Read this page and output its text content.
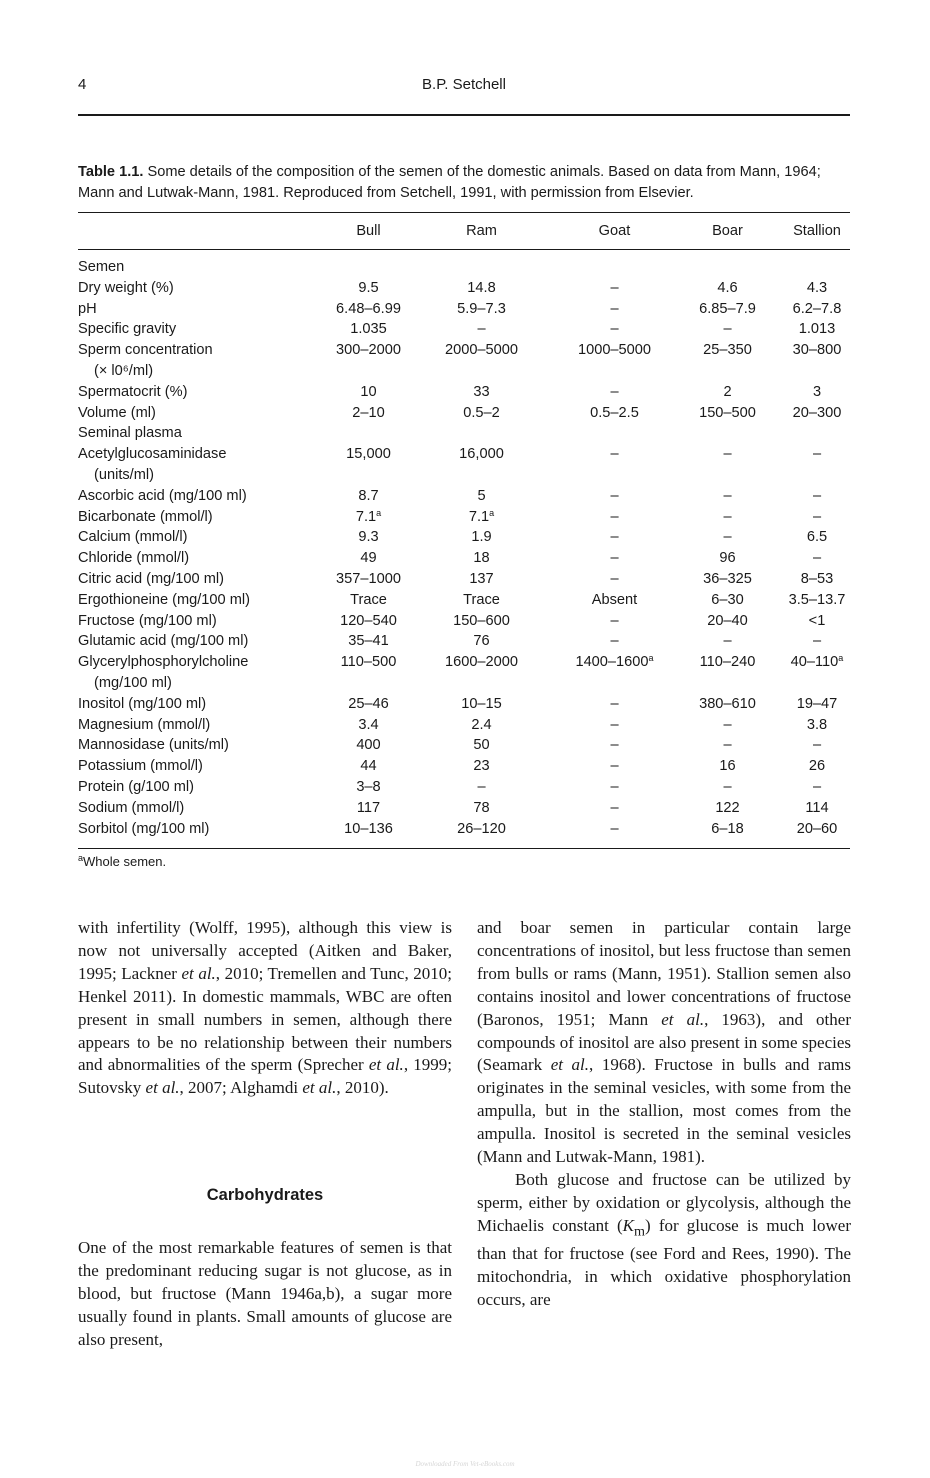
4	B.P. Setchell
Table 1.1. Some details of the composition of the semen of the domestic animals. Based on data from Mann, 1964; Mann and Lutwak-Mann, 1981. Reproduced from Setchell, 1991, with permission from Elsevier.
	Bull	Ram	Goat	Boar	Stallion
Semen					
Dry weight (%)	9.5	14.8	–	4.6	4.3
pH	6.48–6.99	5.9–7.3	–	6.85–7.9	6.2–7.8
Specific gravity	1.035	–	–	–	1.013
Sperm concentration
(× l0⁶/ml)	300–2000	2000–5000	1000–5000	25–350	30–800
Spermatocrit (%)	10	33	–	2	3
Volume (ml)	2–10	0.5–2	0.5–2.5	150–500	20–300
Seminal plasma					
Acetylglucosaminidase
(units/ml)	15,000	16,000	–	–	–
Ascorbic acid (mg/100 ml)	8.7	5	–	–	–
Bicarbonate (mmol/l)	7.1$^a$	7.1$^a$	–	–	–
Calcium (mmol/l)	9.3	1.9	–	–	6.5
Chloride (mmol/l)	49	18	–	96	–
Citric acid (mg/100 ml)	357–1000	137	–	36–325	8–53
Ergothioneine (mg/100 ml)	Trace	Trace	Absent	6–30	3.5–13.7
Fructose (mg/100 ml)	120–540	150–600	–	20–40	<1
Glutamic acid (mg/100 ml)	35–41	76	–	–	–
Glycerylphosphorylcholine
(mg/100 ml)	110–500	1600–2000	1400–1600$^a$	110–240	40–110$^a$
Inositol (mg/100 ml)	25–46	10–15	–	380–610	19–47
Magnesium (mmol/l)	3.4	2.4	–	–	3.8
Mannosidase (units/ml)	400	50	–	–	–
Potassium (mmol/l)	44	23	–	16	26
Protein (g/100 ml)	3–8	–	–	–	–
Sodium (mmol/l)	117	78	–	122	114
Sorbitol (mg/100 ml)	10–136	26–120	–	6–18	20–60
$^a$Whole semen.

with infertility (Wolff, 1995), although this view is now not universally accepted (Aitken and Baker, 1995; Lackner et al., 2010; Tremellen and Tunc, 2010; Henkel 2011). In domestic mammals, WBC are often present in small numbers in semen, although there appears to be no relationship between their numbers and abnormalities of the sperm (Sprecher et al., 1999; Sutovsky et al., 2007; Alghamdi et al., 2010).

Carbohydrates

One of the most remarkable features of semen is that the predominant reducing sugar is not glucose, as in blood, but fructose (Mann 1946a,b), a sugar more usually found in plants. Small amounts of glucose are also present,

and boar semen in particular contain large concentrations of inositol, but less fructose than semen from bulls or rams (Mann, 1951). Stallion semen also contains inositol and lower concentrations of fructose (Baronos, 1951; Mann et al., 1963), and other compounds of inositol are also present in some species (Seamark et al., 1968). Fructose in bulls and rams originates in the seminal vesicles, with some from the ampulla, but in the stallion, most comes from the ampulla. Inositol is secreted in the seminal vesicles (Mann and Lutwak-Mann, 1981).

Both glucose and fructose can be utilized by sperm, either by oxidation or glycolysis, although the Michaelis constant $(K_m)$ for glucose is much lower than that for fructose (see Ford and Rees, 1990). The mitochondria, in which oxidative phosphorylation occurs, are

Downloaded From Vet-eBooks.com
